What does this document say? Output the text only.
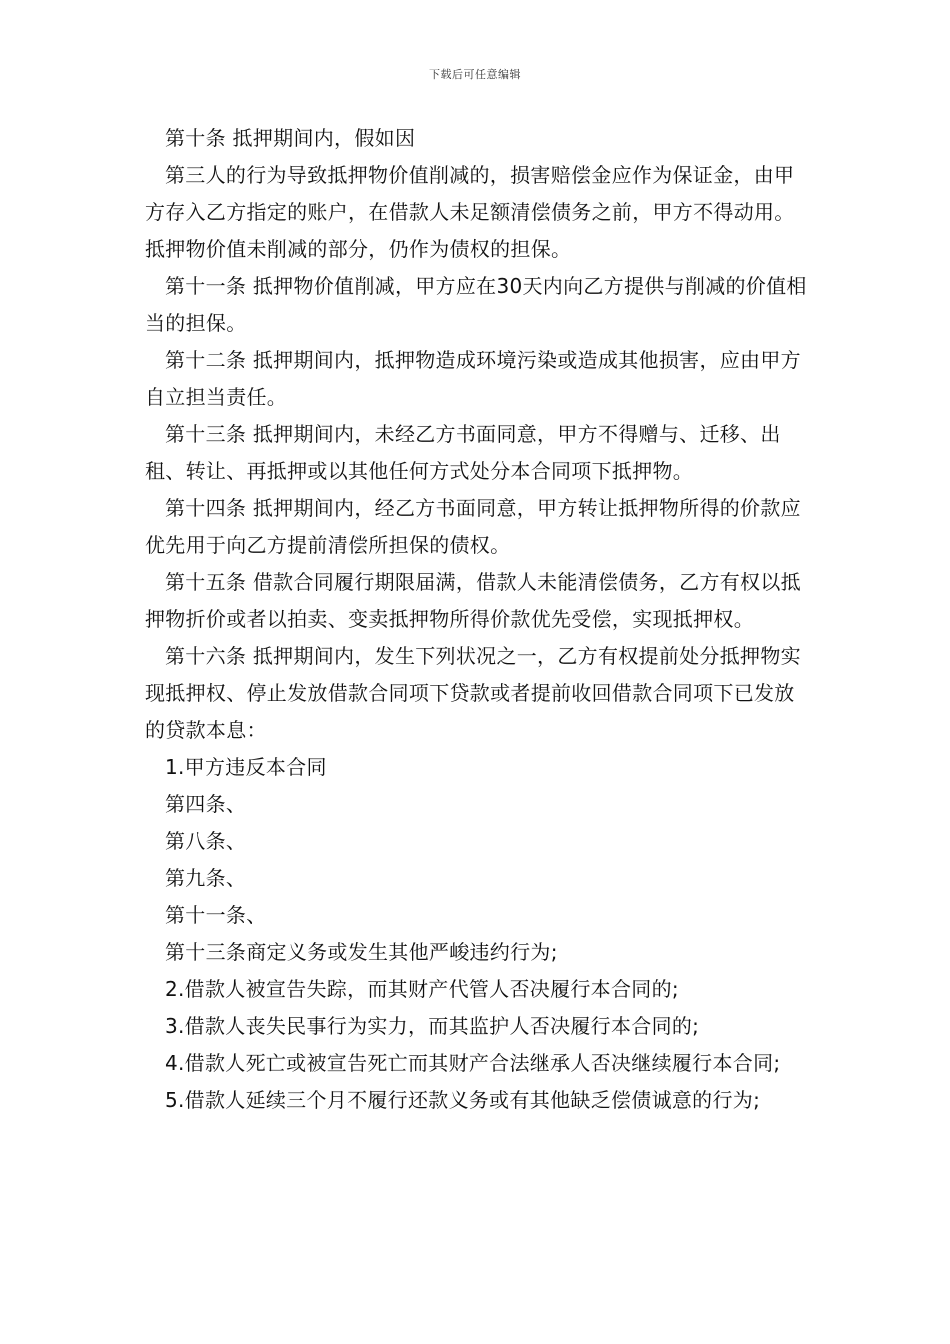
下载后可任意编辑

第十条 抵押期间内，假如因

第三人的行为导致抵押物价值削减的，损害赔偿金应作为保证金，由甲方存入乙方指定的账户，在借款人未足额清偿债务之前，甲方不得动用。抵押物价值未削减的部分，仍作为债权的担保。

第十一条 抵押物价值削减，甲方应在30天内向乙方提供与削减的价值相当的担保。

第十二条 抵押期间内，抵押物造成环境污染或造成其他损害，应由甲方自立担当责任。

第十三条 抵押期间内，未经乙方书面同意，甲方不得赠与、迁移、出租、转让、再抵押或以其他任何方式处分本合同项下抵押物。

第十四条 抵押期间内，经乙方书面同意，甲方转让抵押物所得的价款应优先用于向乙方提前清偿所担保的债权。

第十五条 借款合同履行期限届满，借款人未能清偿债务，乙方有权以抵押物折价或者以拍卖、变卖抵押物所得价款优先受偿，实现抵押权。

第十六条 抵押期间内，发生下列状况之一，乙方有权提前处分抵押物实现抵押权、停止发放借款合同项下贷款或者提前收回借款合同项下已发放的贷款本息：

1.甲方违反本合同

第四条、

第八条、

第九条、

第十一条、

第十三条商定义务或发生其他严峻违约行为;

2.借款人被宣告失踪，而其财产代管人否决履行本合同的;

3.借款人丧失民事行为实力，而其监护人否决履行本合同的;

4.借款人死亡或被宣告死亡而其财产合法继承人否决继续履行本合同;

5.借款人延续三个月不履行还款义务或有其他缺乏偿债诚意的行为;
